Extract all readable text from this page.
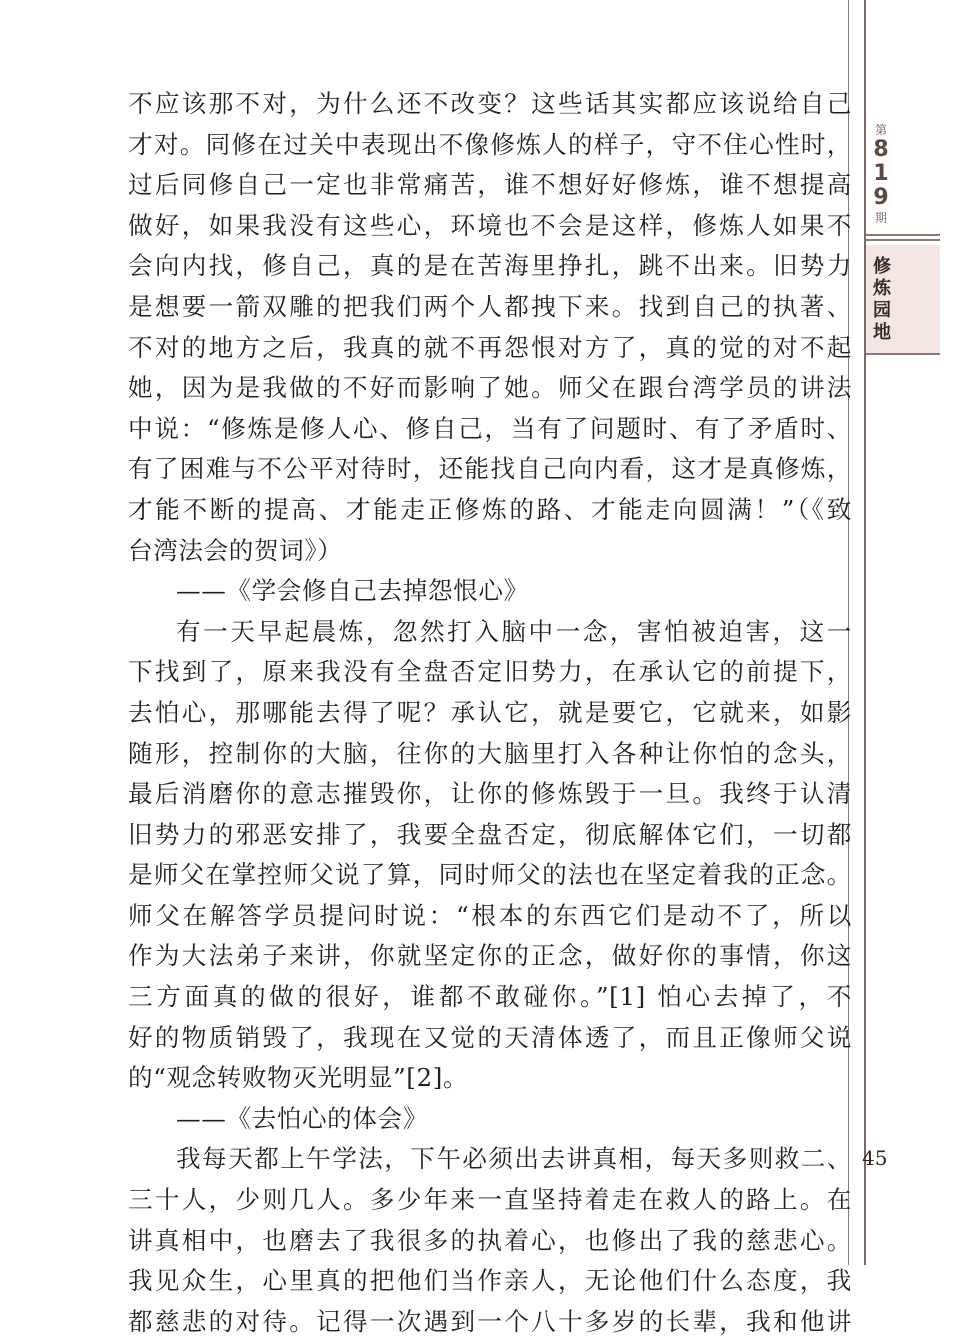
第
8
1
9
期
修炼园地
45
不应该那不对，为什么还不改变？这些话其实都应该说给自己
才对。同修在过关中表现出不像修炼人的样子，守不住心性时，
过后同修自己一定也非常痛苦，谁不想好好修炼，谁不想提高
做好，如果我没有这些心，环境也不会是这样，修炼人如果不
会向内找，修自己，真的是在苦海里挣扎，跳不出来。旧势力
是想要一箭双雕的把我们两个人都拽下来。找到自己的执著、
不对的地方之后，我真的就不再怨恨对方了，真的觉的对不起
她，因为是我做的不好而影响了她。师父在跟台湾学员的讲法
中说：“修炼是修人心、修自己，当有了问题时、有了矛盾时、
有了困难与不公平对待时，还能找自己向内看，这才是真修炼，
才能不断的提高、才能走正修炼的路、才能走向圆满！”（《致
台湾法会的贺词》）
——《学会修自己去掉怨恨心》
有一天早起晨炼，忽然打入脑中一念，害怕被迫害，这一
下找到了，原来我没有全盘否定旧势力，在承认它的前提下，
去怕心，那哪能去得了呢？承认它，就是要它，它就来，如影
随形，控制你的大脑，往你的大脑里打入各种让你怕的念头，
最后消磨你的意志摧毁你，让你的修炼毁于一旦。我终于认清
旧势力的邪恶安排了，我要全盘否定，彻底解体它们，一切都
是师父在掌控师父说了算，同时师父的法也在坚定着我的正念。
师父在解答学员提问时说：“根本的东西它们是动不了，所以
作为大法弟子来讲，你就坚定你的正念，做好你的事情，你这
三方面真的做的很好，谁都不敢碰你。”[1] 怕心去掉了，不
好的物质销毁了，我现在又觉的天清体透了，而且正像师父说
的“观念转败物灭光明显”[2]。
——《去怕心的体会》
我每天都上午学法，下午必须出去讲真相，每天多则救二、
三十人，少则几人。多少年来一直坚持着走在救人的路上。在
讲真相中，也磨去了我很多的执着心，也修出了我的慈悲心。
我见众生，心里真的把他们当作亲人，无论他们什么态度，我
都慈悲的对待。记得一次遇到一个八十多岁的长辈，我和他讲
